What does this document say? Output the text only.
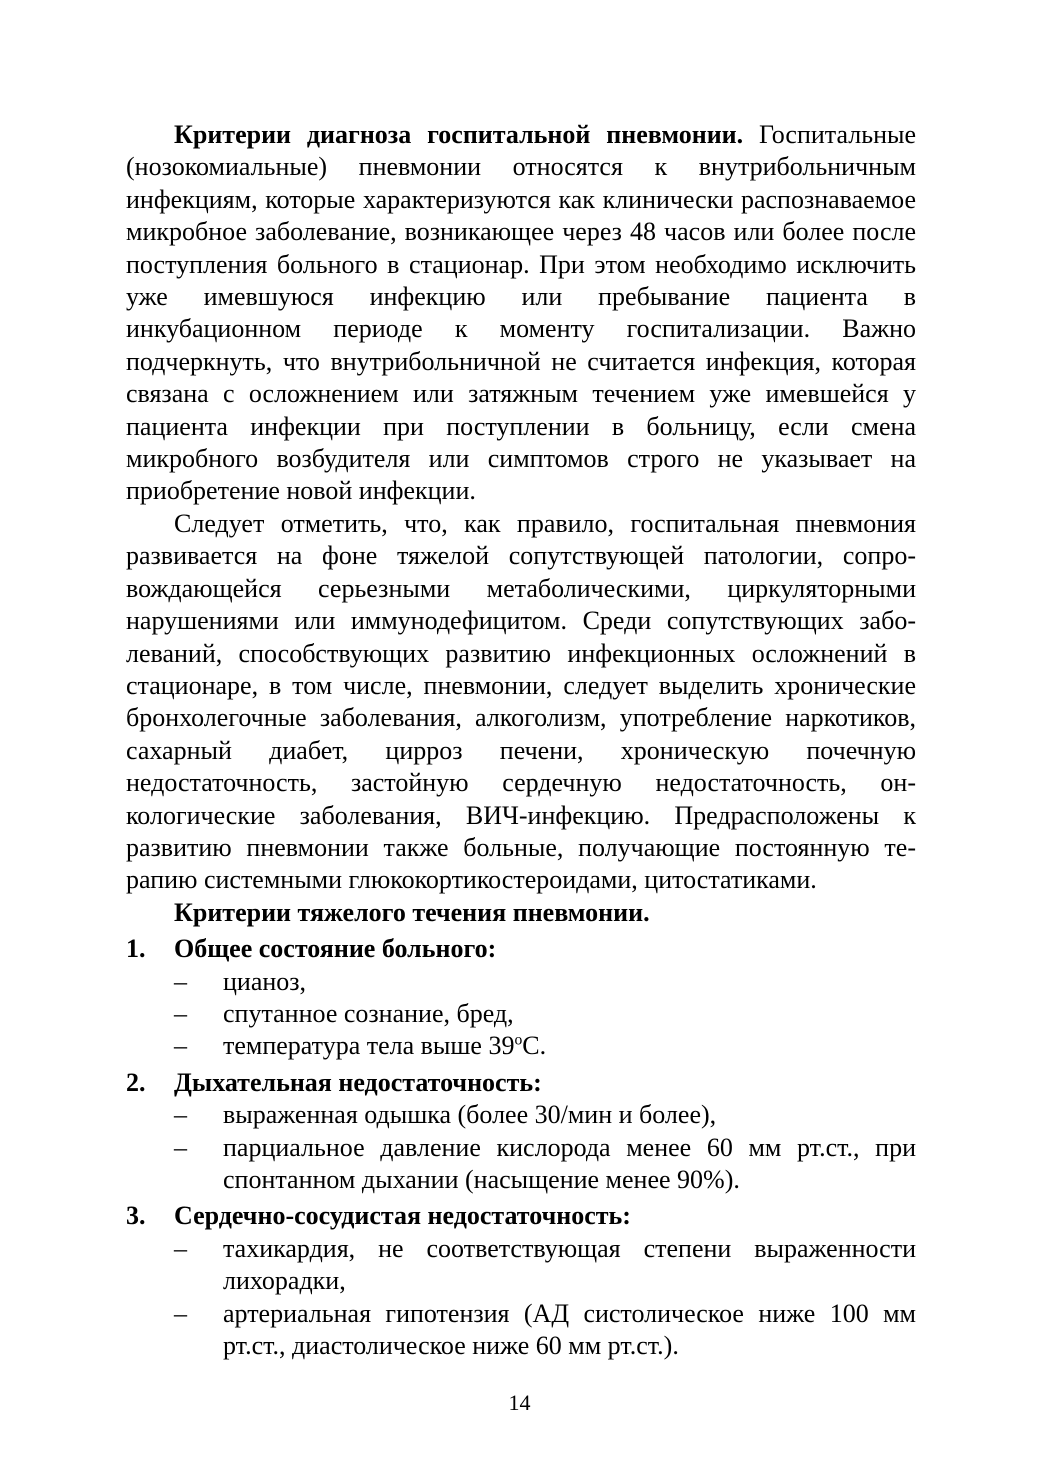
Критерии диагноза госпитальной пневмонии. Госпитальные (нозокомиальные) пневмонии относятся к внутрибольничным инфекциям, которые характеризуются как клинически распознаваемое микробное заболевание, возникающее через 48 часов или более после поступления больного в стационар. При этом необходимо исключить уже имевшуюся инфекцию или пребывание пациента в инкубационном периоде к моменту госпитализации. Важно подчеркнуть, что внутрибольничной не считается инфекция, которая связана с осложнением или затяжным течением уже имевшейся у пациента инфекции при поступлении в больницу, если смена микробного возбудителя или симптомов строго не указывает на приобретение новой инфекции.

Следует отметить, что, как правило, госпитальная пневмония развивается на фоне тяжелой сопутствующей патологии, сопровождающейся серьезными метаболическими, циркуляторными нарушениями или иммунодефицитом. Среди сопутствующих заболеваний, способствующих развитию инфекционных осложнений в стационаре, в том числе, пневмонии, следует выделить хронические бронхолегочные заболевания, алкоголизм, употребление наркотиков, сахарный диабет, цирроз печени, хроническую почечную недостаточность, застойную сердечную недостаточность, онкологические заболевания, ВИЧ-инфекцию. Предрасположены к развитию пневмонии также больные, получающие постоянную терапию системными глюкокортикостероидами, цитостатиками.

Критерии тяжелого течения пневмонии.

1. Общее состояние больного:
– цианоз,
– спутанное сознание, бред,
– температура тела выше 39$^o$С.
2. Дыхательная недостаточность:
– выраженная одышка (более 30/мин и более),
– парциальное давление кислорода менее 60 мм рт.ст., при спонтанном дыхании (насыщение менее 90%).
3. Сердечно-сосудистая недостаточность:
– тахикардия, не соответствующая степени выраженности лихорадки,
– артериальная гипотензия (АД систолическое ниже 100 мм рт.ст., диастолическое ниже 60 мм рт.ст.).
14
